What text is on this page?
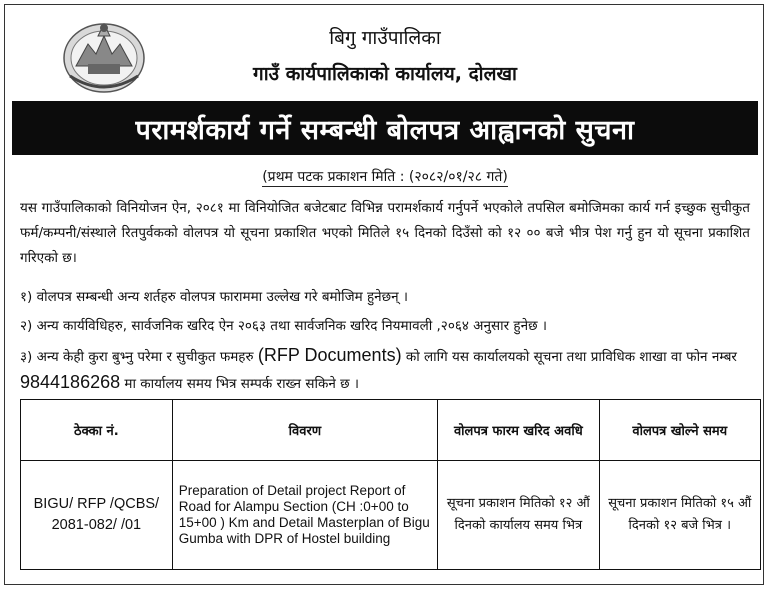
बिगु गाउँपालिका
गाउँ कार्यपालिकाको कार्यालय, दोलखा
परामर्शकार्य गर्ने सम्बन्धी बोलपत्र आह्वानको सुचना
(प्रथम पटक प्रकाशन मिति : (२०८२/०१/२८ गते)
यस गाउँपालिकाको विनियोजन ऐन, २०८१ मा विनियोजित बजेटबाट विभिन्न परामर्शकार्य गर्नुपर्ने भएकोले तपसिल बमोजिमका कार्य गर्न इच्छुक सुचीकुत फर्म/कम्पनी/संस्थाले रितपुर्वकको वोलपत्र यो सूचना प्रकाशित भएको मितिले १५ दिनको दिउँसो को १२ ०० बजे भीत्र पेश गर्नु हुन यो सूचना प्रकाशित गरिएको छ।
१) वोलपत्र सम्बन्धी अन्य शर्तहरु वोलपत्र फाराममा उल्लेख गरे बमोजिम हुनेछन् ।
२) अन्य कार्यविधिहरु, सार्वजनिक खरिद ऐन २०६३ तथा सार्वजनिक खरिद नियमावली ,२०६४ अनुसार हुनेछ ।
३) अन्य केही कुरा बुभ्नु परेमा र सुचीकुत फमहरु (RFP Documents) को लागि यस कार्यालयको सूचना तथा प्राविधिक शाखा वा फोन नम्बर 9844186268 मा कार्यालय समय भित्र सम्पर्क राख्न सकिने छ ।
ठेक्का नं.	विवरण	वोलपत्र फारम खरिद अवधि	वोलपत्र खोल्ने समय
BIGU/ RFP /QCBS/ 2081-082/ /01	Preparation of Detail project Report of Road for Alampu Section (CH :0+00 to 15+00 ) Km and Detail Masterplan of Bigu Gumba with DPR of Hostel building	सूचना प्रकाशन मितिको १२ औं दिनको कार्यालय समय भित्र	सूचना प्रकाशन मितिको १५ औं दिनको १२ बजे भित्र ।
